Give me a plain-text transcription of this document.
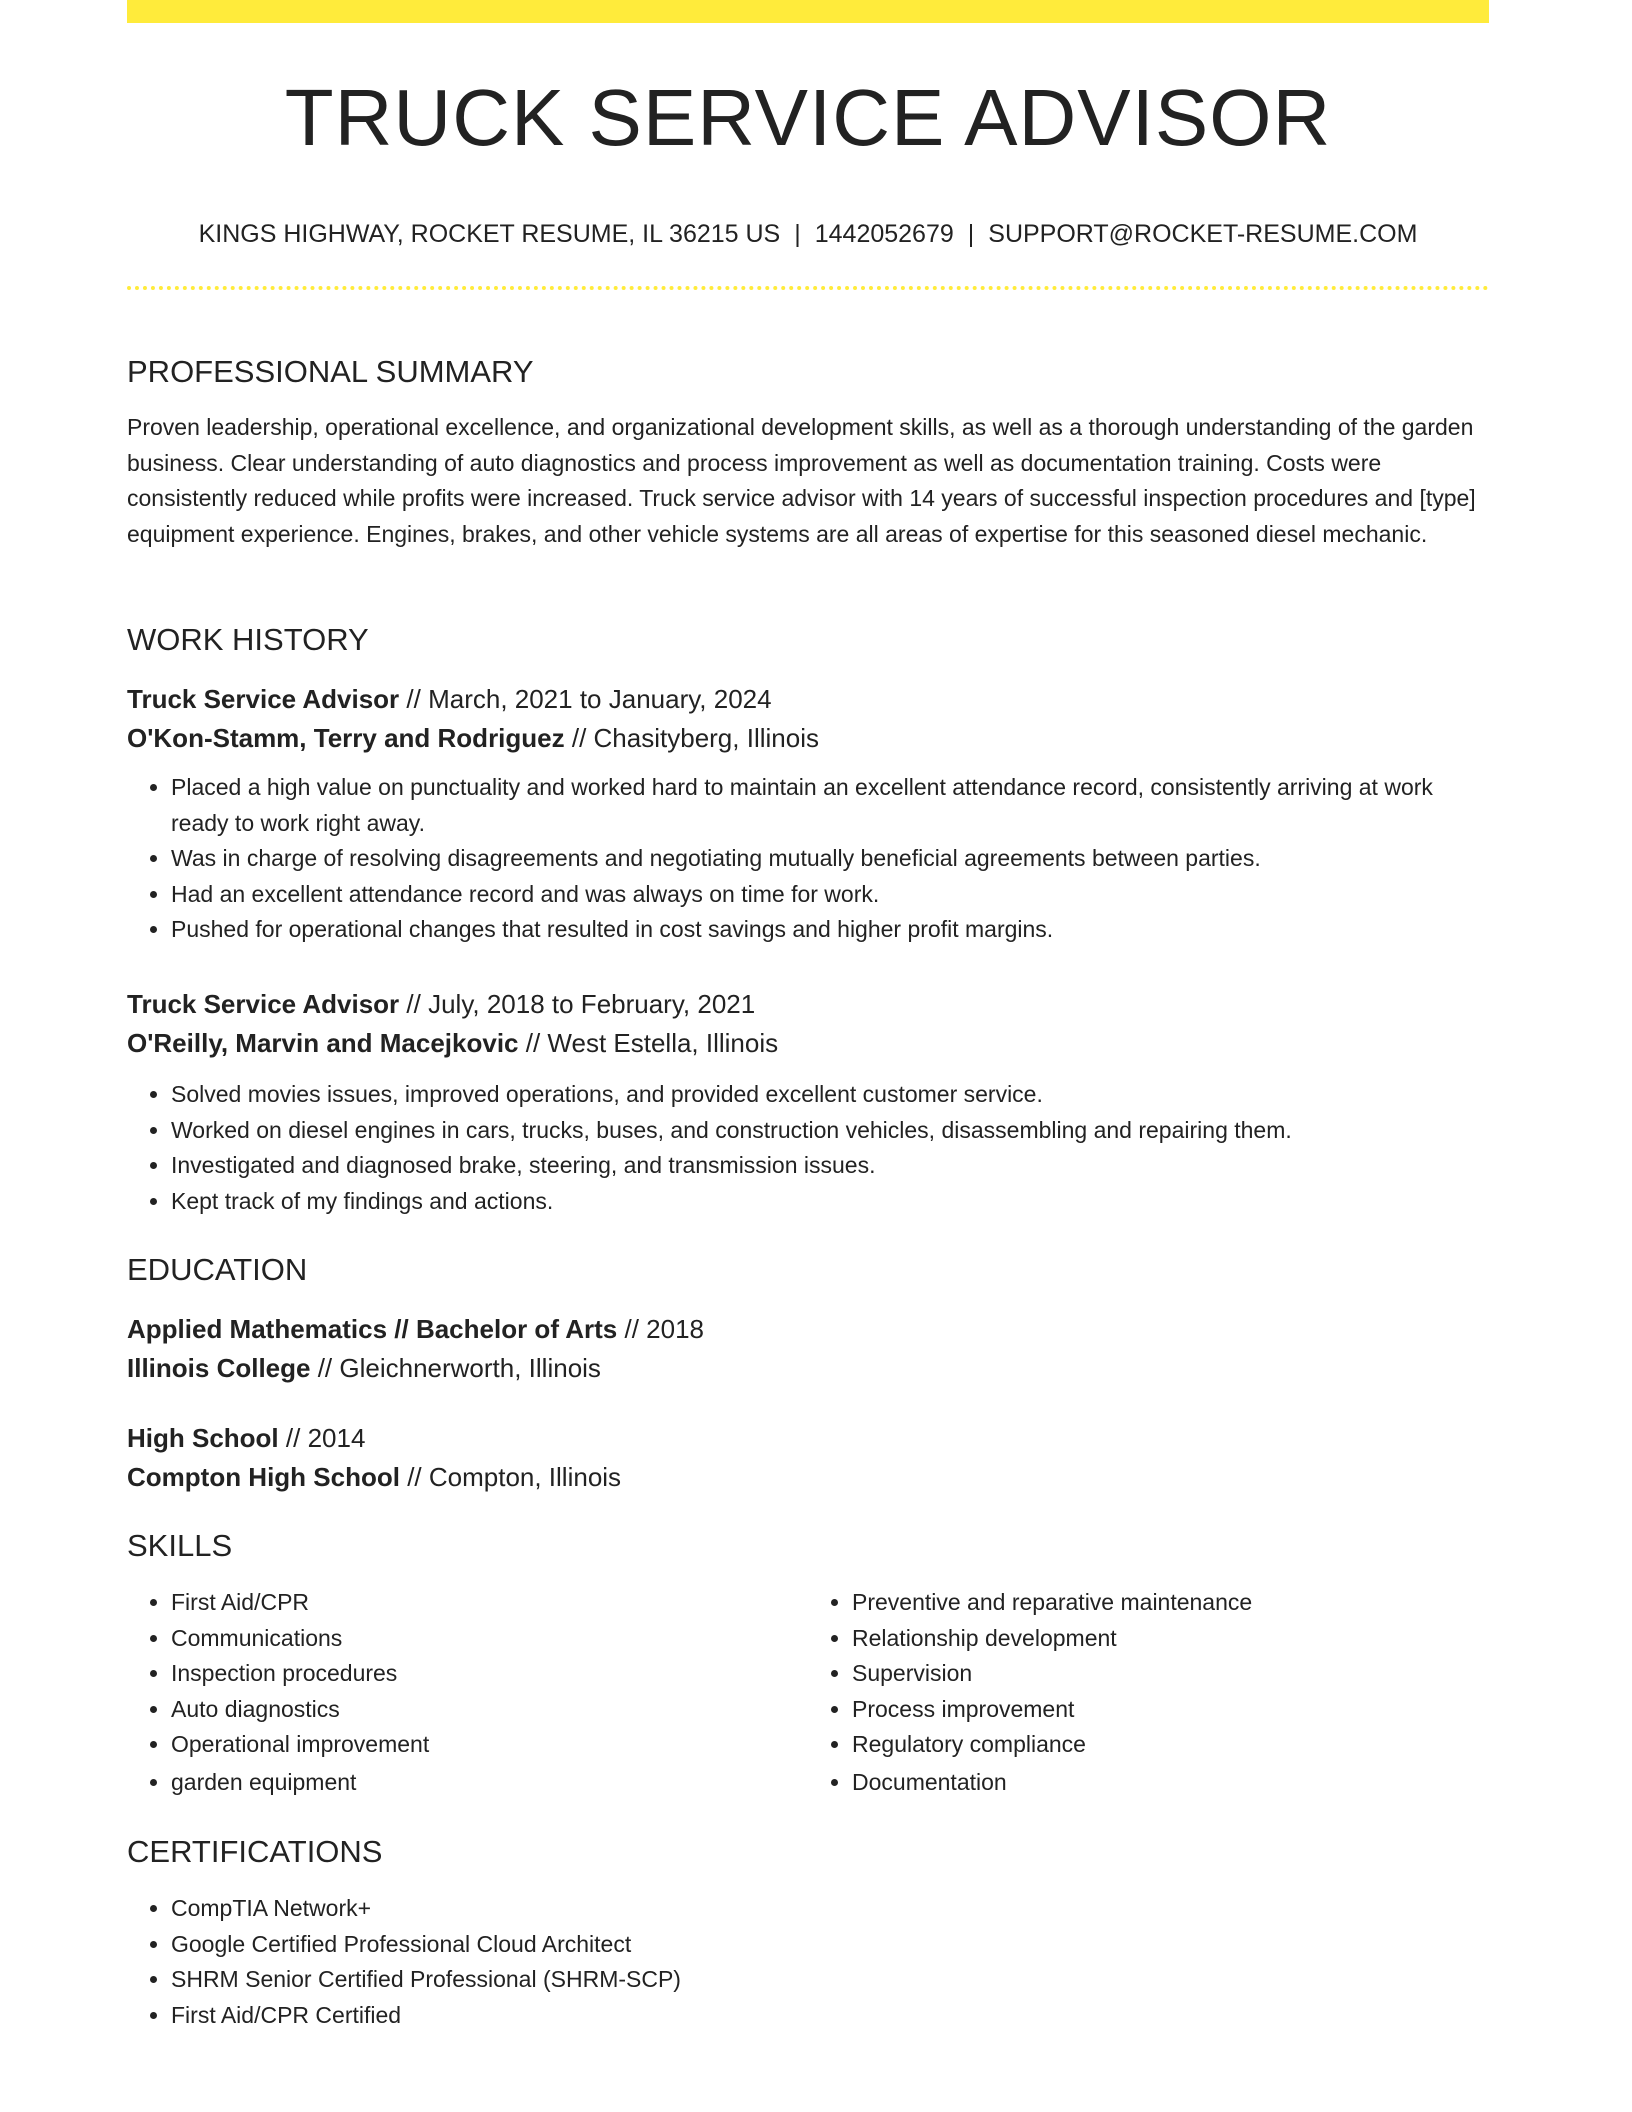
TRUCK SERVICE ADVISOR
KINGS HIGHWAY, ROCKET RESUME, IL 36215 US | 1442052679 | SUPPORT@ROCKET-RESUME.COM
PROFESSIONAL SUMMARY

Proven leadership, operational excellence, and organizational development skills, as well as a thorough understanding of the garden business. Clear understanding of auto diagnostics and process improvement as well as documentation training. Costs were consistently reduced while profits were increased. Truck service advisor with 14 years of successful inspection procedures and [type] equipment experience. Engines, brakes, and other vehicle systems are all areas of expertise for this seasoned diesel mechanic.

WORK HISTORY

Truck Service Advisor // March, 2021 to January, 2024

O'Kon-Stamm, Terry and Rodriguez // Chasityberg, Illinois

• Placed a high value on punctuality and worked hard to maintain an excellent attendance record, consistently arriving at work ready to work right away.
• Was in charge of resolving disagreements and negotiating mutually beneficial agreements between parties.
• Had an excellent attendance record and was always on time for work.
• Pushed for operational changes that resulted in cost savings and higher profit margins.

Truck Service Advisor // July, 2018 to February, 2021

O'Reilly, Marvin and Macejkovic // West Estella, Illinois

• Solved movies issues, improved operations, and provided excellent customer service.
• Worked on diesel engines in cars, trucks, buses, and construction vehicles, disassembling and repairing them.
• Investigated and diagnosed brake, steering, and transmission issues.
• Kept track of my findings and actions.
EDUCATION

Applied Mathematics // Bachelor of Arts // 2018

Illinois College // Gleichnerworth, Illinois

High School // 2014

Compton High School // Compton, Illinois

SKILLS
• First Aid/CPR
• Communications
• Inspection procedures
• Auto diagnostics
• Operational improvement
• garden equipment
• Preventive and reparative maintenance
• Relationship development
• Supervision
• Process improvement
• Regulatory compliance
• Documentation
CERTIFICATIONS
• CompTIA Network+
• Google Certified Professional Cloud Architect
• SHRM Senior Certified Professional (SHRM-SCP)
• First Aid/CPR Certified
